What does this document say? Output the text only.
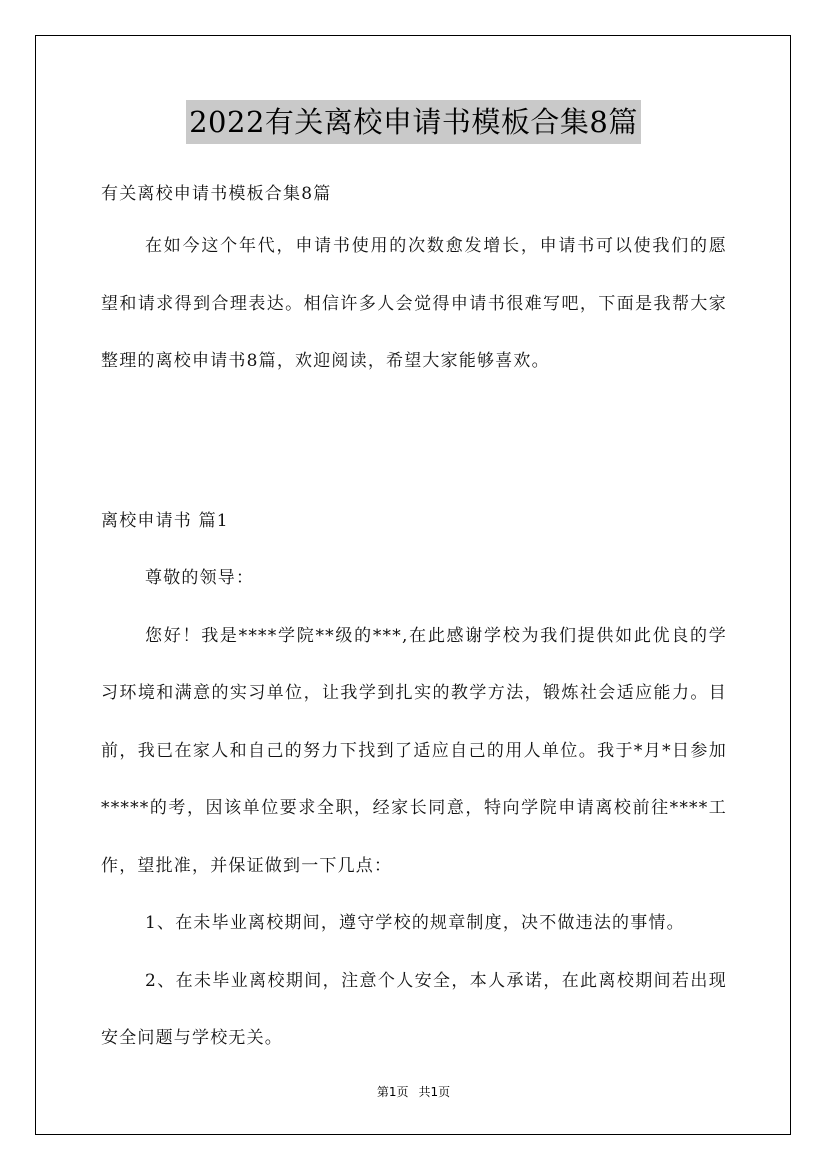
2022有关离校申请书模板合集8篇
有关离校申请书模板合集8篇

在如今这个年代，申请书使用的次数愈发增长，申请书可以使我们的愿望和请求得到合理表达。相信许多人会觉得申请书很难写吧，下面是我帮大家整理的离校申请书8篇，欢迎阅读，希望大家能够喜欢。

离校申请书 篇1

尊敬的领导：

您好！我是****学院**级的***,在此感谢学校为我们提供如此优良的学习环境和满意的实习单位，让我学到扎实的教学方法，锻炼社会适应能力。目前，我已在家人和自己的努力下找到了适应自己的用人单位。我于*月*日参加*****的考，因该单位要求全职，经家长同意，特向学院申请离校前往****工作，望批准，并保证做到一下几点：

1、在未毕业离校期间，遵守学校的规章制度，决不做违法的事情。

2、在未毕业离校期间，注意个人安全，本人承诺，在此离校期间若出现安全问题与学校无关。

第1页 共1页
